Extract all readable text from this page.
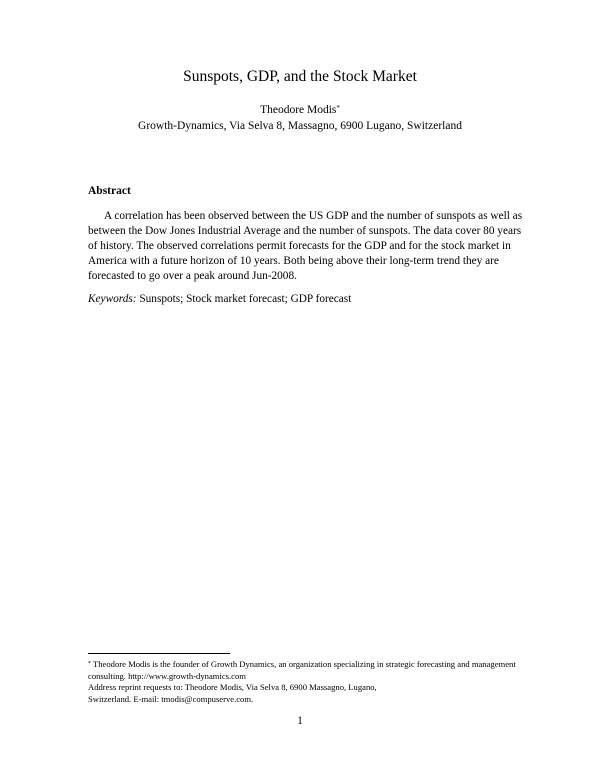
Sunspots, GDP, and the Stock Market
Theodore Modis*
Growth-Dynamics, Via Selva 8, Massagno, 6900 Lugano, Switzerland
Abstract

A correlation has been observed between the US GDP and the number of sunspots as well as between the Dow Jones Industrial Average and the number of sunspots. The data cover 80 years of history. The observed correlations permit forecasts for the GDP and for the stock market in America with a future horizon of 10 years. Both being above their long-term trend they are forecasted to go over a peak around Jun-2008.

Keywords: Sunspots; Stock market forecast; GDP forecast
* Theodore Modis is the founder of Growth Dynamics, an organization specializing in strategic forecasting and management consulting. http://www.growth-dynamics.com
Address reprint requests to: Theodore Modis, Via Selva 8, 6900 Massagno, Lugano,
Switzerland. E-mail: tmodis@compuserve.com.
1
